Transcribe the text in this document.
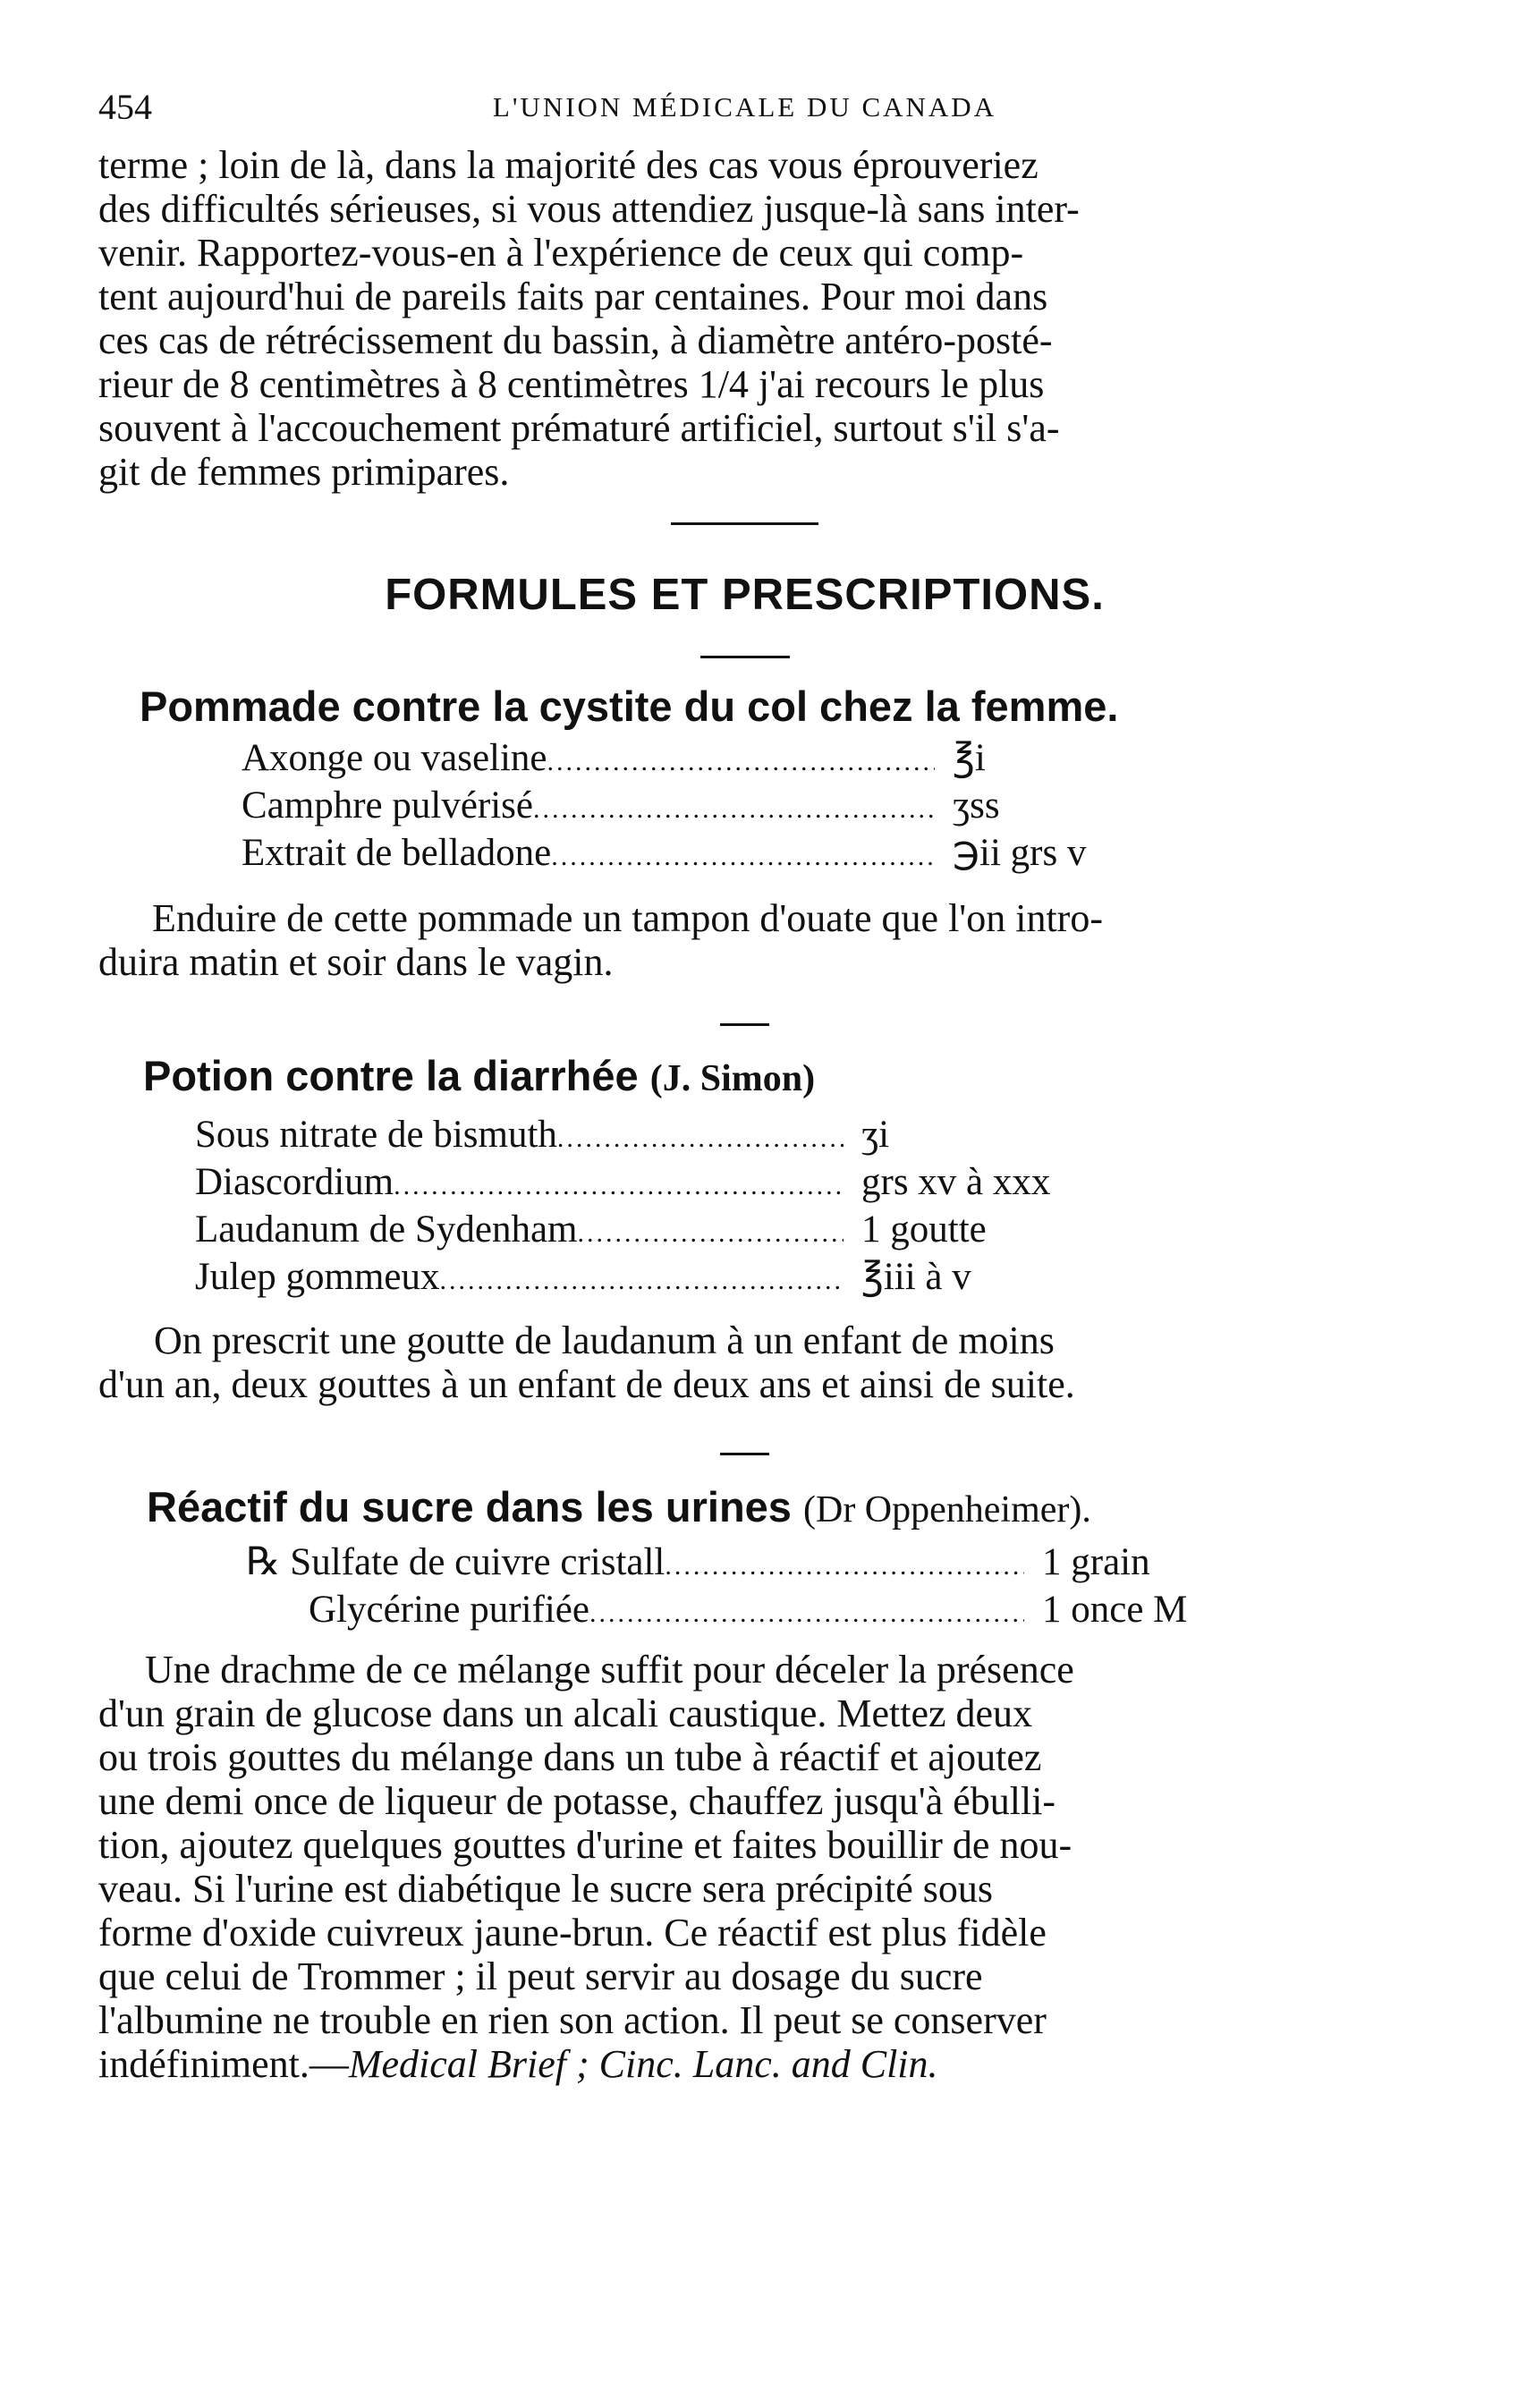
454	L'UNION MÉDICALE DU CANADA

terme ; loin de là, dans la majorité des cas vous éprouveriez
des difficultés sérieuses, si vous attendiez jusque-là sans inter-
venir. Rapportez-vous-en à l'expérience de ceux qui comp-
tent aujourd'hui de pareils faits par centaines. Pour moi dans
ces cas de rétrécissement du bassin, à diamètre antéro-posté-
rieur de 8 centimètres à 8 centimètres 1/4 j'ai recours le plus
souvent à l'accouchement prématuré artificiel, surtout s'il s'a-
git de femmes primipares.

FORMULES ET PRESCRIPTIONS.
Pommade contre la cystite du col chez la femme.
Axonge ou vaseline .....	℥i
Camphre pulvérisé .....	ʒss
Extrait de belladone .....	℈ii grs v

Enduire de cette pommade un tampon d'ouate que l'on intro-
duira matin et soir dans le vagin.

Potion contre la diarrhée (J. Simon)
Sous nitrate de bismuth .....	ʒi
Diascordium .....	grs xv à xxx
Laudanum de Sydenham .....	1 goutte
Julep gommeux .....	℥iii à v

On prescrit une goutte de laudanum à un enfant de moins
d'un an, deux gouttes à un enfant de deux ans et ainsi de suite.

Réactif du sucre dans les urines (Dr Oppenheimer).
℞ Sulfate de cuivre cristall .....	1 grain
Glycérine purifiée .....	1 once M

Une drachme de ce mélange suffit pour déceler la présence
d'un grain de glucose dans un alcali caustique. Mettez deux
ou trois gouttes du mélange dans un tube à réactif et ajoutez
une demi once de liqueur de potasse, chauffez jusqu'à ébulli-
tion, ajoutez quelques gouttes d'urine et faites bouillir de nou-
veau. Si l'urine est diabétique le sucre sera précipité sous
forme d'oxide cuivreux jaune-brun. Ce réactif est plus fidèle
que celui de Trommer ; il peut servir au dosage du sucre
l'albumine ne trouble en rien son action. Il peut se conserver
indéfiniment.—Medical Brief ; Cinc. Lanc. and Clin.
